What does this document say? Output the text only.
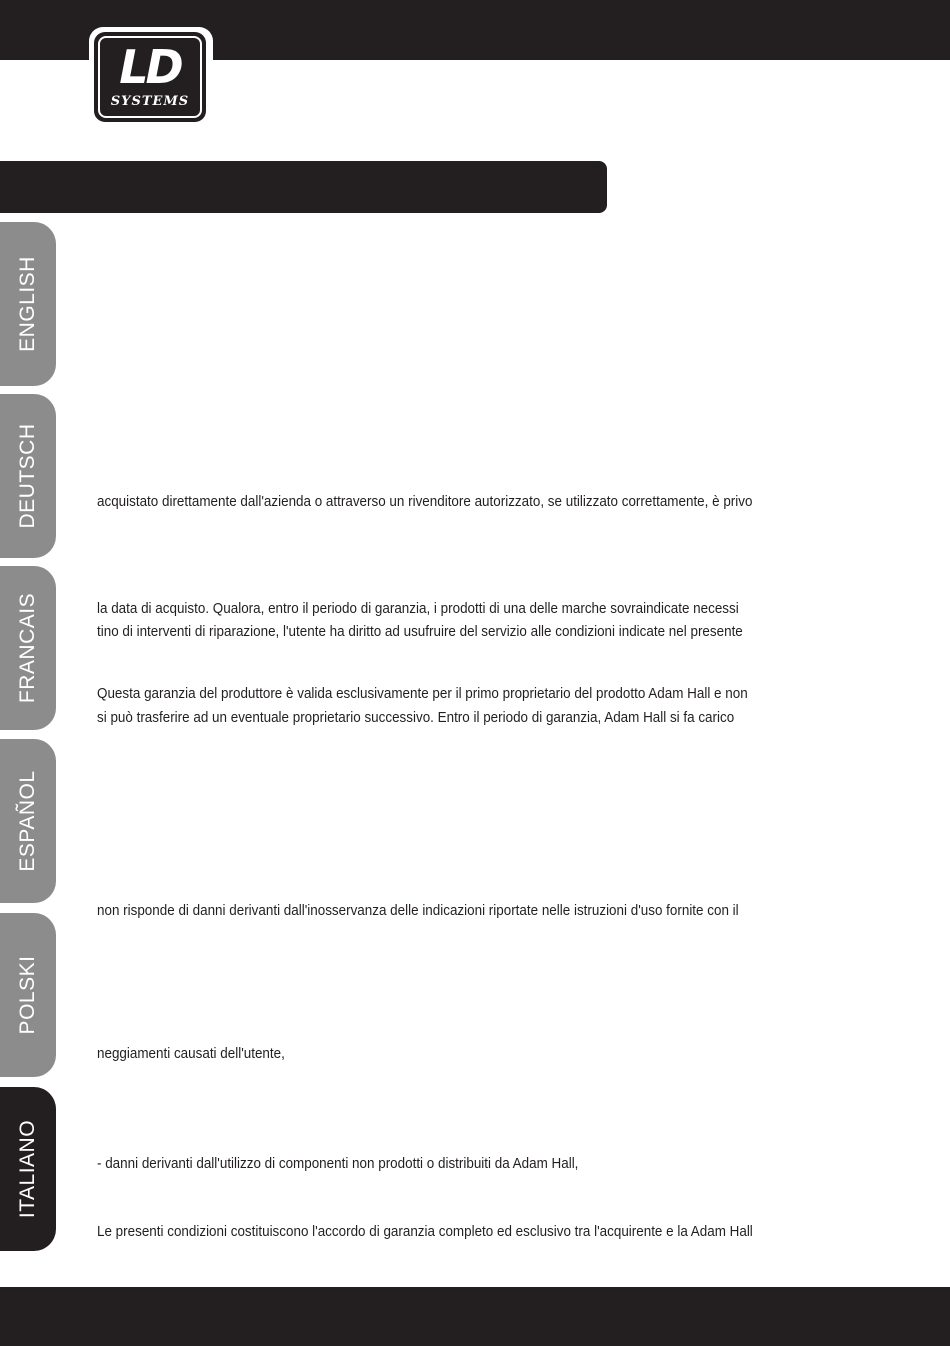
LD
SYSTEMS
ENGLISH
DEUTSCH
FRANCAIS
ESPAÑOL
POLSKI
ITALIANO

acquistato direttamente dall'azienda o attraverso un rivenditore autorizzato, se utilizzato correttamente, è privo

la data di acquisto. Qualora, entro il periodo di garanzia, i prodotti di una delle marche sovraindicate necessi

tino di interventi di riparazione, l'utente ha diritto ad usufruire del servizio alle condizioni indicate nel presente

Questa garanzia del produttore è valida esclusivamente per il primo proprietario del prodotto Adam Hall e non

si può trasferire ad un eventuale proprietario successivo. Entro il periodo di garanzia, Adam Hall si fa carico

non risponde di danni derivanti dall'inosservanza delle indicazioni riportate nelle istruzioni d'uso fornite con il

neggiamenti causati dell'utente,

- danni derivanti dall'utilizzo di componenti non prodotti o distribuiti da Adam Hall,

Le presenti condizioni costituiscono l'accordo di garanzia completo ed esclusivo tra l'acquirente e la Adam Hall
